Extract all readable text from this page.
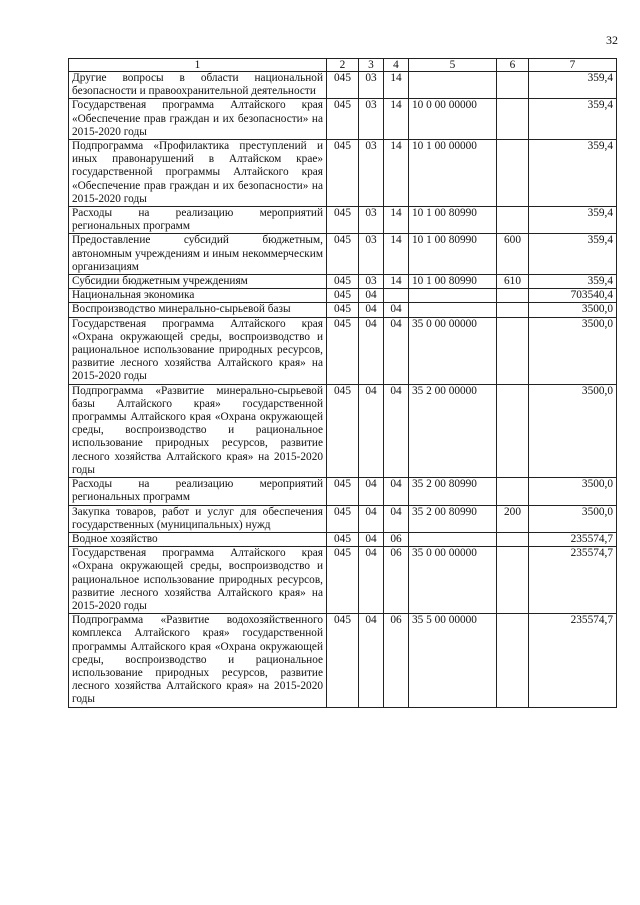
32
1	2	3	4	5	6	7
Другие вопросы в области национальной безопасности и правоохранительной деятельности	045	03	14			359,4
Государственая программа Алтайского края «Обеспечение прав граждан и их безопасности» на 2015-2020 годы	045	03	14	10 0 00 00000		359,4
Подпрограмма «Профилактика преступлений и иных правонарушений в Алтайском крае» государственной программы Алтайского края «Обеспечение прав граждан и их безопасности» на 2015-2020 годы	045	03	14	10 1 00 00000		359,4
Расходы на реализацию мероприятий региональных программ	045	03	14	10 1 00 80990		359,4
Предоставление субсидий бюджетным, автономным учреждениям и иным некоммерческим организациям	045	03	14	10 1 00 80990	600	359,4
Субсидии бюджетным учреждениям	045	03	14	10 1 00 80990	610	359,4
Национальная экономика	045	04				703540,4
Воспроизводство минерально-сырьевой базы	045	04	04			3500,0
Государственая программа Алтайского края «Охрана окружающей среды, воспроизводство и рациональное использование природных ресурсов, развитие лесного хозяйства Алтайского края» на 2015-2020 годы	045	04	04	35 0 00 00000		3500,0
Подпрограмма «Развитие минерально-сырьевой базы Алтайского края» государственной программы Алтайского края «Охрана окружающей среды, воспроизводство и рациональное использование природных ресурсов, развитие лесного хозяйства Алтайского края» на 2015-2020 годы	045	04	04	35 2 00 00000		3500,0
Расходы на реализацию мероприятий региональных программ	045	04	04	35 2 00 80990		3500,0
Закупка товаров, работ и услуг для обеспечения государственных (муниципальных) нужд	045	04	04	35 2 00 80990	200	3500,0
Водное хозяйство	045	04	06			235574,7
Государственая программа Алтайского края «Охрана окружающей среды, воспроизводство и рациональное использование природных ресурсов, развитие лесного хозяйства Алтайского края» на 2015-2020 годы	045	04	06	35 0 00 00000		235574,7
Подпрограмма «Развитие водохозяйственного комплекса Алтайского края» государственной программы Алтайского края «Охрана окружающей среды, воспроизводство и рациональное использование природных ресурсов, развитие лесного хозяйства Алтайского края» на 2015-2020 годы	045	04	06	35 5 00 00000		235574,7
